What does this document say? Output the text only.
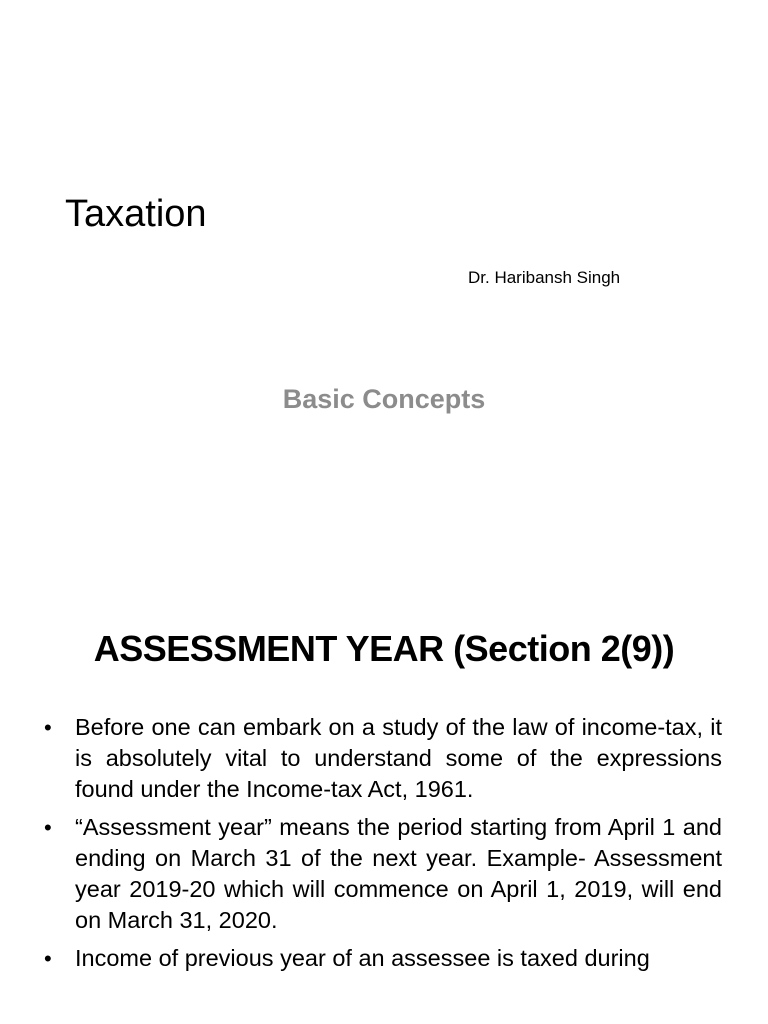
Taxation

Dr. Haribansh Singh

Basic Concepts

ASSESSMENT YEAR (Section 2(9))
• Before one can embark on a study of the law of income-tax, it is absolutely vital to understand some of the expressions found under the Income-tax Act, 1961.
• “Assessment year” means the period starting from April 1 and ending on March 31 of the next year. Example- Assessment year 2019-20 which will commence on April 1, 2019, will end on March 31, 2020.
• Income of previous year of an assessee is taxed during
